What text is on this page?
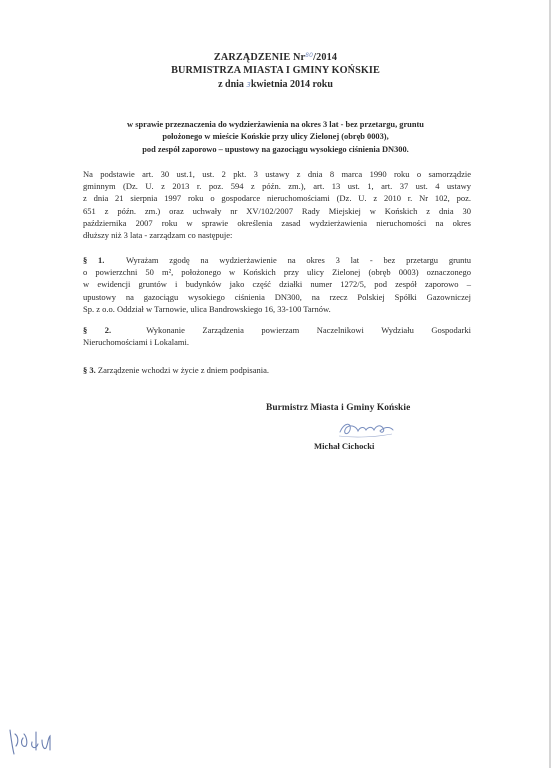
ZARZĄDZENIE Nr$^{80}$/2014
BURMISTRZA MIASTA I GMINY KOŃSKIE
z dnia 3kwietnia 2014 roku
w sprawie przeznaczenia do wydzierżawienia na okres 3 lat - bez przetargu, gruntu
położonego w mieście Końskie przy ulicy Zielonej (obręb 0003),
pod zespół zaporowo – upustowy na gazociągu wysokiego ciśnienia DN300.
Na podstawie art. 30 ust.1, ust. 2 pkt. 3 ustawy z dnia 8 marca 1990 roku o samorządzie
gminnym (Dz. U. z 2013 r. poz. 594 z późn. zm.), art. 13 ust. 1, art. 37 ust. 4 ustawy
z dnia 21 sierpnia 1997 roku o gospodarce nieruchomościami (Dz. U. z 2010 r. Nr 102, poz.
651 z późn. zm.) oraz uchwały nr XV/102/2007 Rady Miejskiej w Końskich z dnia 30
października 2007 roku w sprawie określenia zasad wydzierżawienia nieruchomości na okres
dłuższy niż 3 lata - zarządzam co następuje:
§ 1.	Wyrażam zgodę na wydzierżawienie na okres 3 lat - bez przetargu gruntu
o powierzchni 50 m², położonego w Końskich przy ulicy Zielonej (obręb 0003) oznaczonego
w ewidencji gruntów i budynków jako część działki numer 1272/5, pod zespół zaporowo –
upustowy na gazociągu wysokiego ciśnienia DN300, na rzecz Polskiej Spółki Gazowniczej
Sp. z o.o. Oddział w Tarnowie, ulica Bandrowskiego 16, 33-100 Tarnów.
§ 2.	Wykonanie Zarządzenia powierzam Naczelnikowi Wydziału Gospodarki
Nieruchomościami i Lokalami.
§ 3. Zarządzenie wchodzi w życie z dniem podpisania.
Burmistrz Miasta i Gminy Końskie
Michał Cichocki
